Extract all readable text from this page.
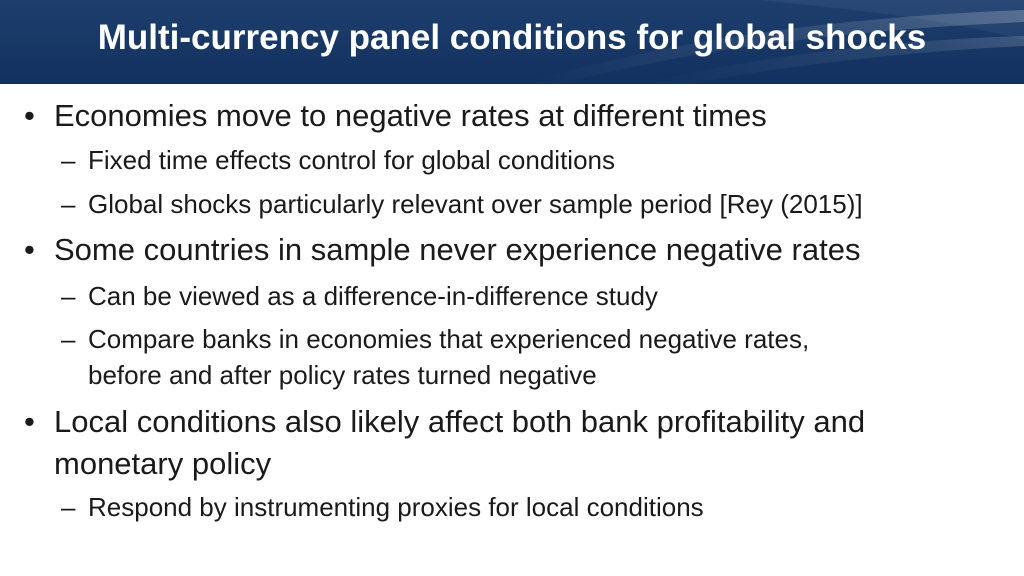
Multi-currency panel conditions for global shocks
• Economies move to negative rates at different times
– Fixed time effects control for global conditions
– Global shocks particularly relevant over sample period [Rey (2015)]
• Some countries in sample never experience negative rates
– Can be viewed as a difference-in-difference study
– Compare banks in economies that experienced negative rates,
before and after policy rates turned negative
• Local conditions also likely affect both bank profitability and
monetary policy
– Respond by instrumenting proxies for local conditions
